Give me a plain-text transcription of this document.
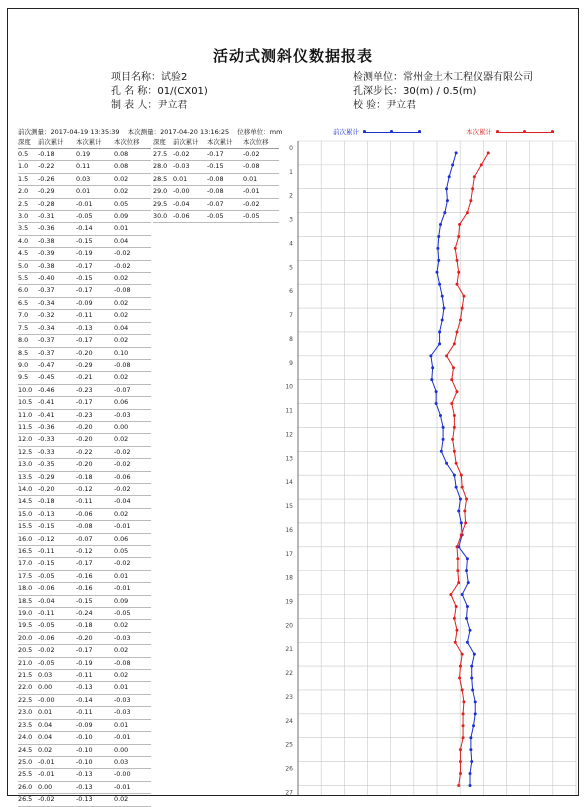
活动式测斜仪数据报表
项目名称：试验2
孔 名 称：01/(CX01)
制 表 人：尹立君
检测单位：常州金土木工程仪器有限公司
孔深步长：30(m) / 0.5(m)
校 验：尹立君
前次测量：2017-04-19 13:35:39 本次测量：2017-04-20 13:16:25 位移单位：mm	前次累计	本次累计
深度	前次累计	本次累计	本次位移
0.5	-0.18	0.19	0.08
1.0	-0.22	0.11	0.08
1.5	-0.26	0.03	0.02
2.0	-0.29	0.01	0.02
2.5	-0.28	-0.01	0.05
3.0	-0.31	-0.05	0.09
3.5	-0.36	-0.14	0.01
4.0	-0.38	-0.15	0.04
4.5	-0.39	-0.19	-0.02
5.0	-0.38	-0.17	-0.02
5.5	-0.40	-0.15	0.02
6.0	-0.37	-0.17	-0.08
6.5	-0.34	-0.09	0.02
7.0	-0.32	-0.11	0.02
7.5	-0.34	-0.13	0.04
8.0	-0.37	-0.17	0.02
8.5	-0.37	-0.20	0.10
9.0	-0.47	-0.29	-0.08
9.5	-0.45	-0.21	0.02
10.0	-0.46	-0.23	-0.07
10.5	-0.41	-0.17	0.06
11.0	-0.41	-0.23	-0.03
11.5	-0.36	-0.20	0.00
12.0	-0.33	-0.20	0.02
12.5	-0.33	-0.22	-0.02
13.0	-0.35	-0.20	-0.02
13.5	-0.29	-0.18	-0.06
14.0	-0.20	-0.12	-0.02
14.5	-0.18	-0.11	-0.04
15.0	-0.13	-0.06	0.02
15.5	-0.15	-0.08	-0.01
16.0	-0.12	-0.07	0.06
16.5	-0.11	-0.12	0.05
17.0	-0.15	-0.17	-0.02
17.5	-0.05	-0.16	0.01
18.0	-0.06	-0.16	-0.01
18.5	-0.04	-0.15	0.09
19.0	-0.11	-0.24	-0.05
19.5	-0.05	-0.18	0.02
20.0	-0.06	-0.20	-0.03
20.5	-0.02	-0.17	0.02
21.0	-0.05	-0.19	-0.08
21.5	0.03	-0.11	0.02
22.0	0.00	-0.13	0.01
22.5	-0.00	-0.14	-0.03
23.0	0.01	-0.11	-0.03
23.5	0.04	-0.09	0.01
24.0	0.04	-0.10	-0.01
24.5	0.02	-0.10	0.00
25.0	-0.01	-0.10	0.03
25.5	-0.01	-0.13	-0.00
26.0	0.00	-0.13	-0.01
26.5	-0.02	-0.13	0.02
深度	前次累计	本次累计	本次位移
27.5	-0.02	-0.17	-0.02
28.0	-0.03	-0.15	-0.08
28.5	0.01	-0.08	0.01
29.0	-0.00	-0.08	-0.01
29.5	-0.04	-0.07	-0.02
30.0	-0.06	-0.05	-0.05
0
1
2
3
4
5
6
7
8
9
10
11
12
13
14
15
16
17
18
19
20
21
22
23
24
25
26
27
